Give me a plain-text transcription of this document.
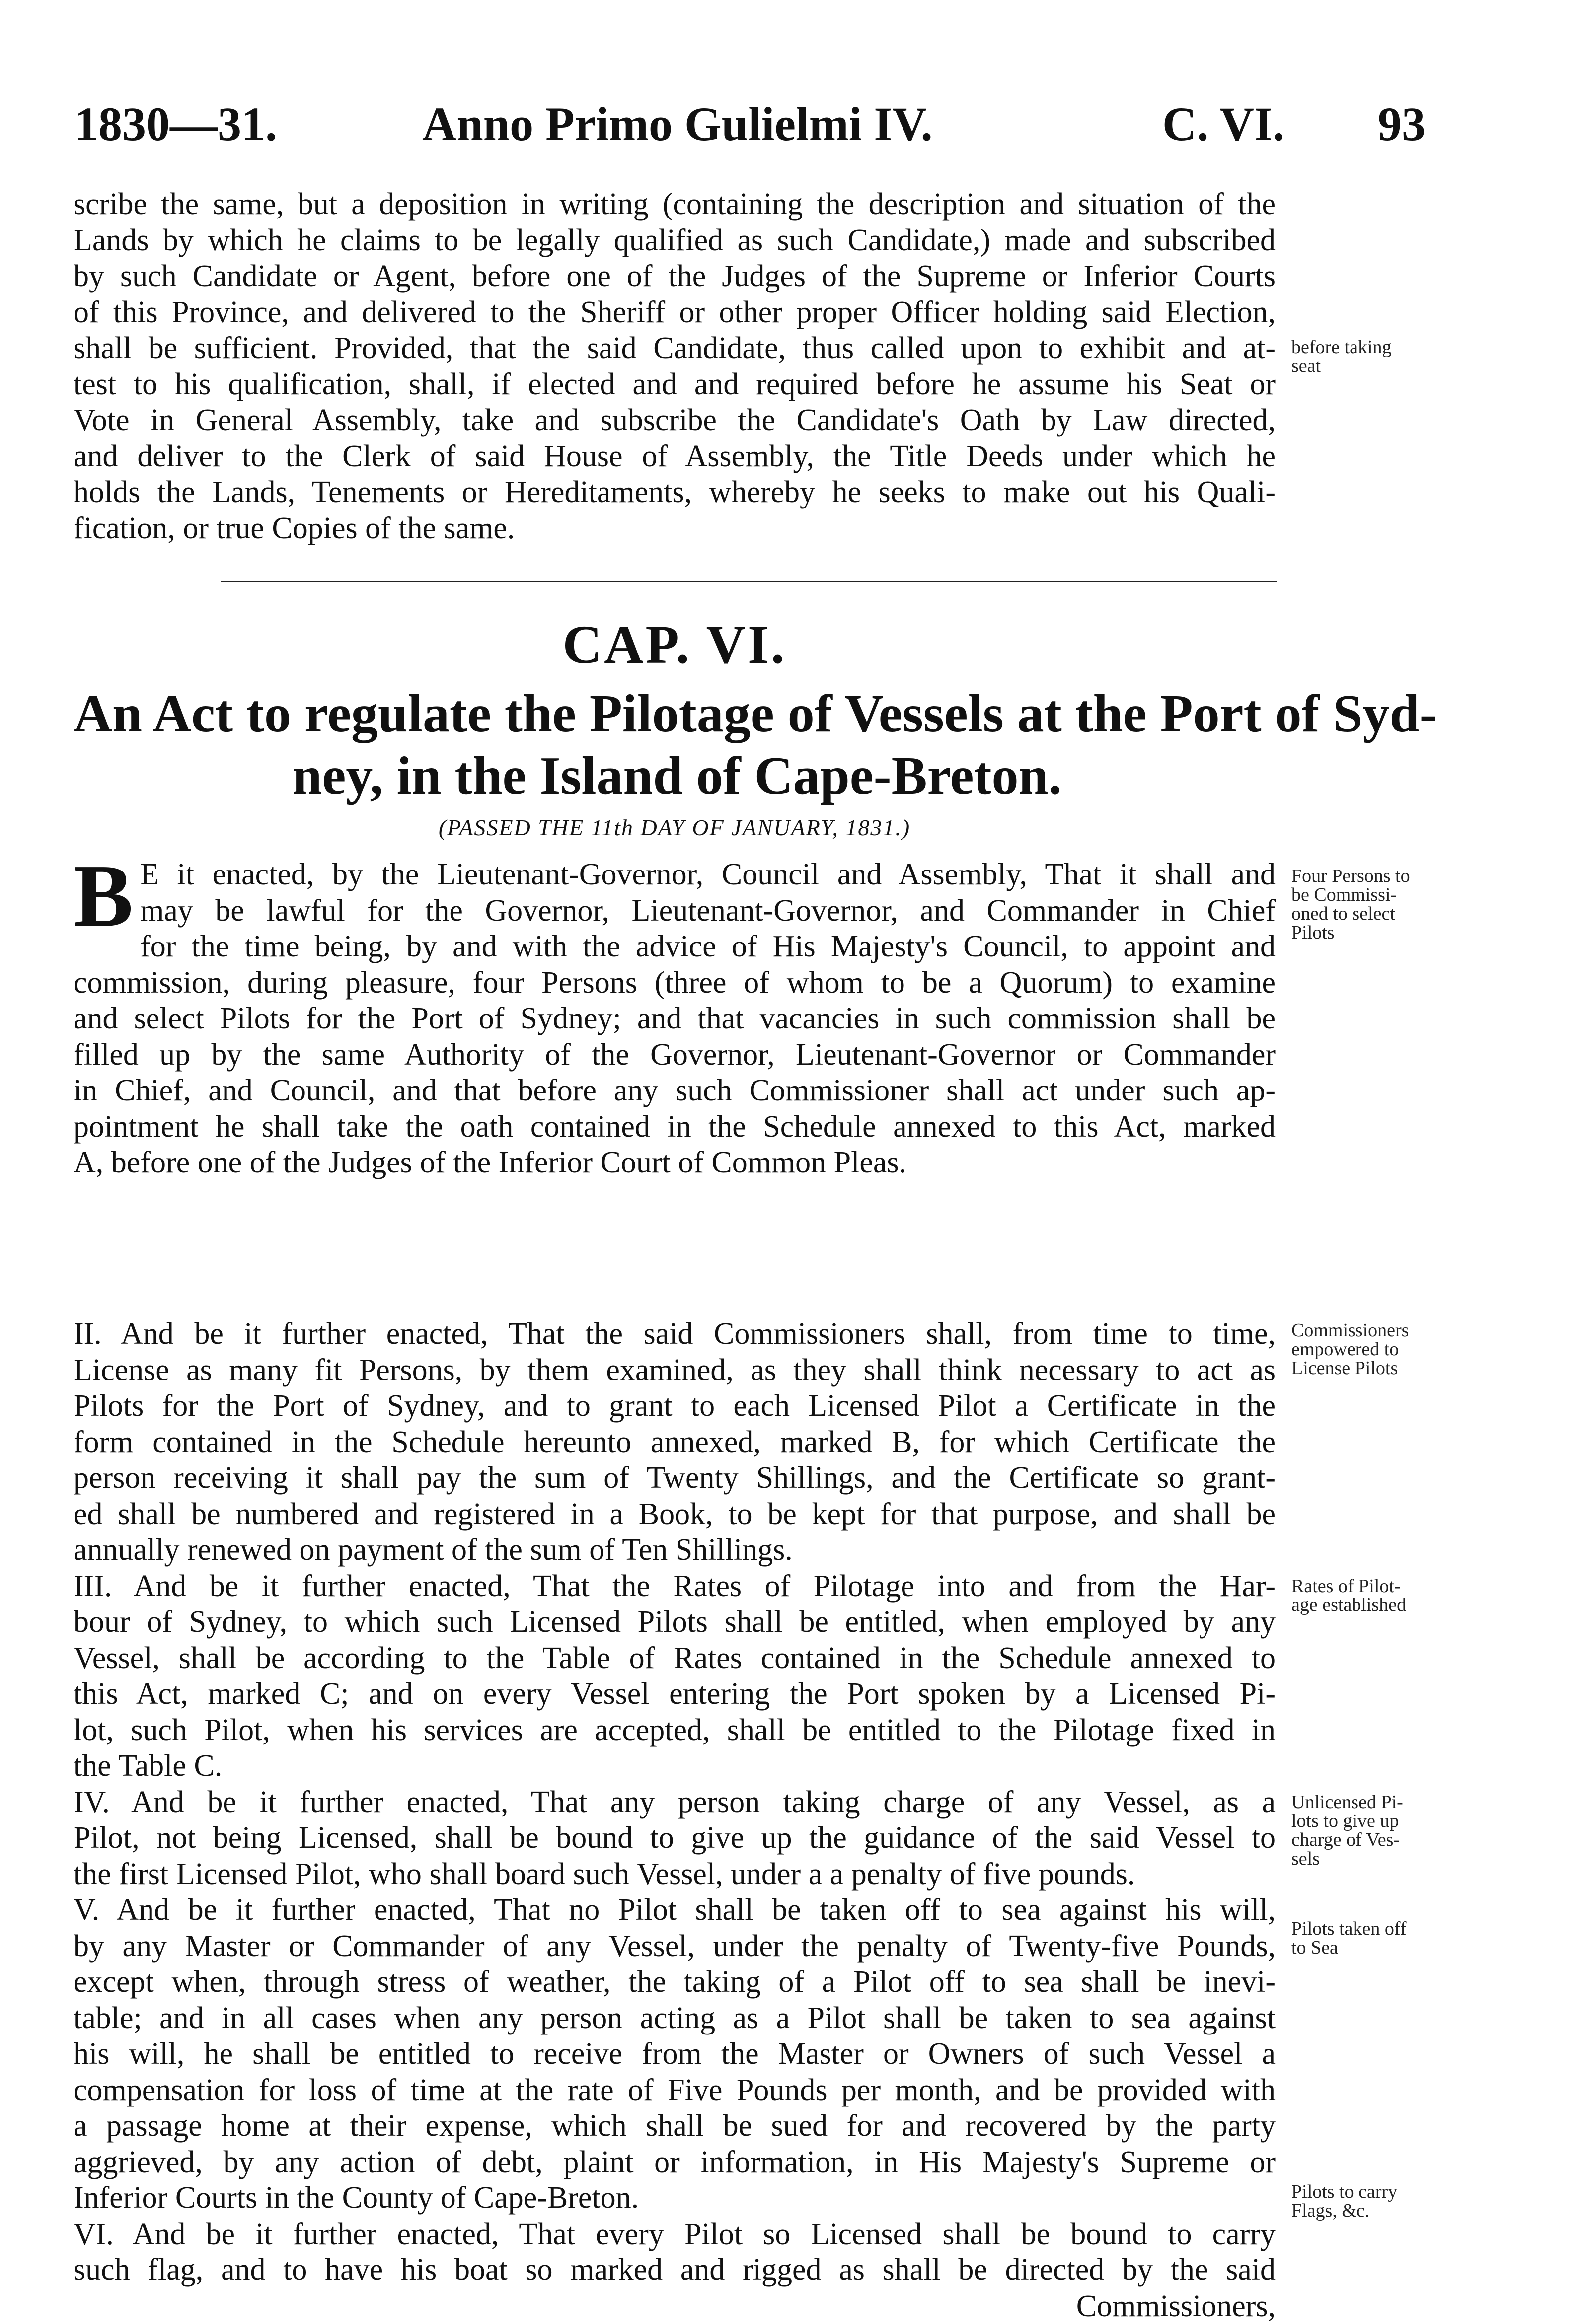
1830—31.	Anno Primo Gulielmi IV.	C. VI. 93
scribe the same, but a deposition in writing (containing the description and situation of the
Lands by which he claims to be legally qualified as such Candidate,) made and subscribed
by such Candidate or Agent, before one of the Judges of the Supreme or Inferior Courts
of this Province, and delivered to the Sheriff or other proper Officer holding said Election,
shall be sufficient. Provided, that the said Candidate, thus called upon to exhibit and at-
test to his qualification, shall, if elected and and required before he assume his Seat or
Vote in General Assembly, take and subscribe the Candidate's Oath by Law directed,
and deliver to the Clerk of said House of Assembly, the Title Deeds under which he
holds the Lands, Tenements or Hereditaments, whereby he seeks to make out his Quali-
fication, or true Copies of the same.
before taking
seat
CAP. VI.
An Act to regulate the Pilotage of Vessels at the Port of Syd-
ney, in the Island of Cape-Breton.
(PASSED THE 11th DAY OF JANUARY, 1831.)
B E it enacted, by the Lieutenant-Governor, Council and Assembly, That it shall and
may be lawful for the Governor, Lieutenant-Governor, and Commander in Chief
for the time being, by and with the advice of His Majesty's Council, to appoint and
commission, during pleasure, four Persons (three of whom to be a Quorum) to examine
and select Pilots for the Port of Sydney; and that vacancies in such commission shall be
filled up by the same Authority of the Governor, Lieutenant-Governor or Commander
in Chief, and Council, and that before any such Commissioner shall act under such ap-
pointment he shall take the oath contained in the Schedule annexed to this Act, marked
A, before one of the Judges of the Inferior Court of Common Pleas.
Four Persons to
be Commissi-
oned to select
Pilots
II. And be it further enacted, That the said Commissioners shall, from time to time,
License as many fit Persons, by them examined, as they shall think necessary to act as
Pilots for the Port of Sydney, and to grant to each Licensed Pilot a Certificate in the
form contained in the Schedule hereunto annexed, marked B, for which Certificate the
person receiving it shall pay the sum of Twenty Shillings, and the Certificate so grant-
ed shall be numbered and registered in a Book, to be kept for that purpose, and shall be
annually renewed on payment of the sum of Ten Shillings.
III. And be it further enacted, That the Rates of Pilotage into and from the Har-
bour of Sydney, to which such Licensed Pilots shall be entitled, when employed by any
Vessel, shall be according to the Table of Rates contained in the Schedule annexed to
this Act, marked C; and on every Vessel entering the Port spoken by a Licensed Pi-
lot, such Pilot, when his services are accepted, shall be entitled to the Pilotage fixed in
the Table C.
IV. And be it further enacted, That any person taking charge of any Vessel, as a
Pilot, not being Licensed, shall be bound to give up the guidance of the said Vessel to
the first Licensed Pilot, who shall board such Vessel, under a a penalty of five pounds.
V. And be it further enacted, That no Pilot shall be taken off to sea against his will,
by any Master or Commander of any Vessel, under the penalty of Twenty-five Pounds,
except when, through stress of weather, the taking of a Pilot off to sea shall be inevi-
table; and in all cases when any person acting as a Pilot shall be taken to sea against
his will, he shall be entitled to receive from the Master or Owners of such Vessel a
compensation for loss of time at the rate of Five Pounds per month, and be provided with
a passage home at their expense, which shall be sued for and recovered by the party
aggrieved, by any action of debt, plaint or information, in His Majesty's Supreme or
Inferior Courts in the County of Cape-Breton.
VI. And be it further enacted, That every Pilot so Licensed shall be bound to carry
such flag, and to have his boat so marked and rigged as shall be directed by the said
Commissioners,
Commissioners
empowered to
License Pilots
Rates of Pilot-
age established
Unlicensed Pi-
lots to give up
charge of Ves-
sels
Pilots taken off
to Sea
Pilots to carry
Flags, &c.
